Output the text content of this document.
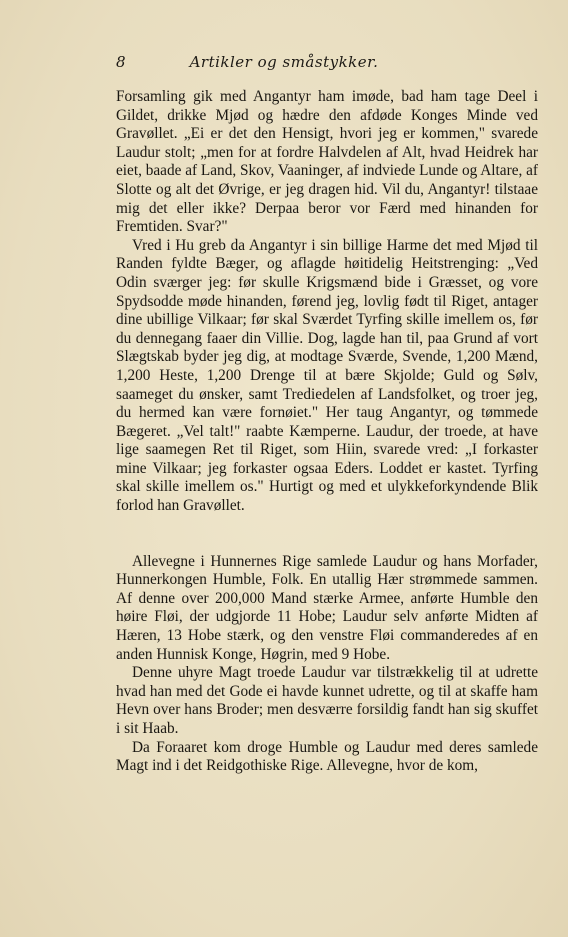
8	Artikler og småstykker.

Forsamling gik med Angantyr ham imøde, bad ham tage Deel i Gildet, drikke Mjød og hædre den afdøde Konges Minde ved Gravøllet. „Ei er det den Hensigt, hvori jeg er kommen," svarede Laudur stolt; „men for at fordre Halvdelen af Alt, hvad Heidrek har eiet, baade af Land, Skov, Vaaninger, af indviede Lunde og Altare, af Slotte og alt det Øvrige, er jeg dragen hid. Vil du, Angantyr! tilstaae mig det eller ikke? Derpaa beror vor Færd med hinanden for Fremtiden. Svar?"

Vred i Hu greb da Angantyr i sin billige Harme det med Mjød til Randen fyldte Bæger, og aflagde høitidelig Heitstrenging: „Ved Odin sværger jeg: før skulle Krigsmænd bide i Græsset, og vore Spydsodde møde hinanden, førend jeg, lovlig født til Riget, antager dine ubillige Vilkaar; før skal Sværdet Tyrfing skille imellem os, før du dennegang faaer din Villie. Dog, lagde han til, paa Grund af vort Slægtskab byder jeg dig, at modtage Sværde, Svende, 1,200 Mænd, 1,200 Heste, 1,200 Drenge til at bære Skjolde; Guld og Sølv, saameget du ønsker, samt Trediedelen af Landsfolket, og troer jeg, du hermed kan være fornøiet." Her taug Angantyr, og tømmede Bægeret. „Vel talt!" raabte Kæmperne. Laudur, der troede, at have lige saamegen Ret til Riget, som Hiin, svarede vred: „I forkaster mine Vilkaar; jeg forkaster ogsaa Eders. Loddet er kastet. Tyrfing skal skille imellem os." Hurtigt og med et ulykkeforkyndende Blik forlod han Gravøllet.

Allevegne i Hunnernes Rige samlede Laudur og hans Morfader, Hunnerkongen Humble, Folk. En utallig Hær strømmede sammen. Af denne over 200,000 Mand stærke Armee, anførte Humble den høire Fløi, der udgjorde 11 Hobe; Laudur selv anførte Midten af Hæren, 13 Hobe stærk, og den venstre Fløi commanderedes af en anden Hunnisk Konge, Høgrin, med 9 Hobe.

Denne uhyre Magt troede Laudur var tilstrækkelig til at udrette hvad han med det Gode ei havde kunnet udrette, og til at skaffe ham Hevn over hans Broder; men desværre forsildig fandt han sig skuffet i sit Haab.

Da Foraaret kom droge Humble og Laudur med deres samlede Magt ind i det Reidgothiske Rige. Allevegne, hvor de kom,
